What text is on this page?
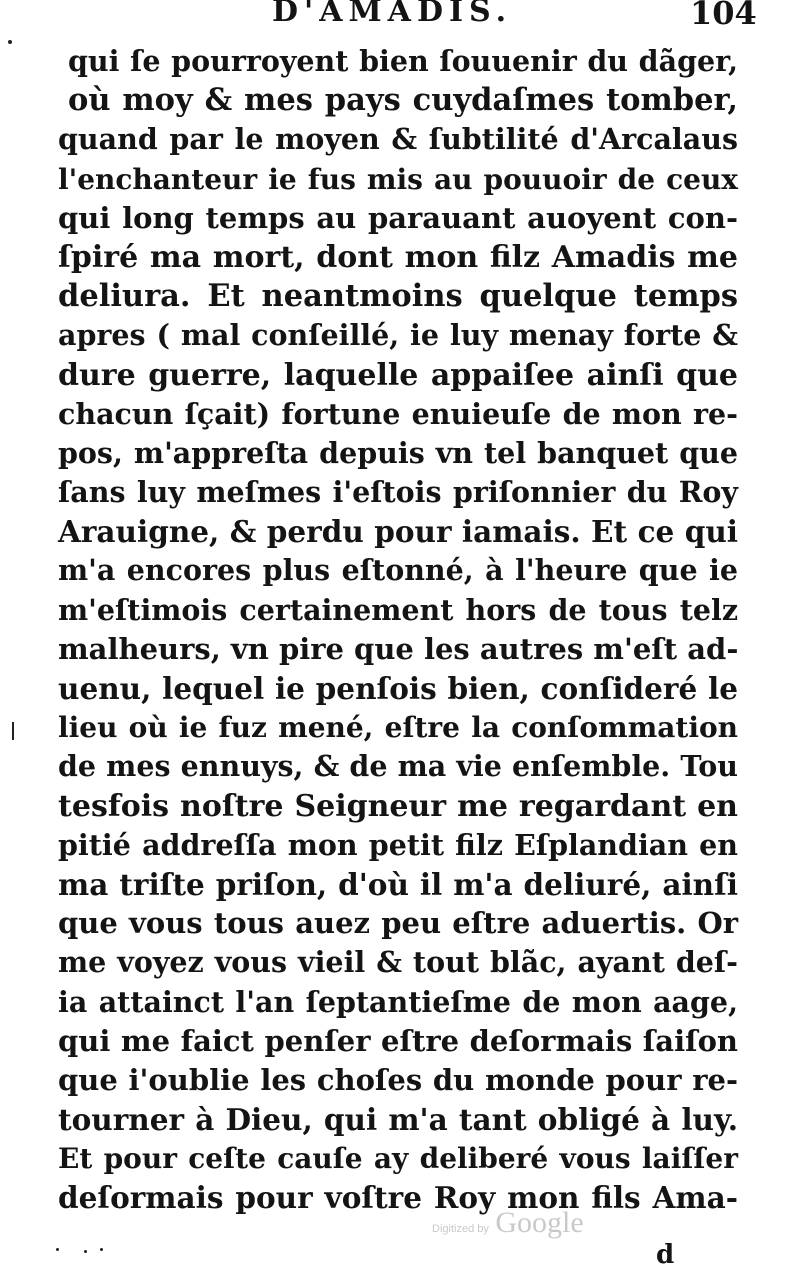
D'AMADIS.	104
qui ſe pourroyent bien ſouuenir du dãger,
où moy & mes pays cuydaſmes tomber,
quand par le moyen & ſubtilité d'Arcalaus
l'enchanteur ie fus mis au pouuoir de ceux
qui long temps au parauant auoyent con-
ſpiré ma mort, dont mon filz Amadis me
deliura. Et neantmoins quelque temps
apres ( mal conſeillé, ie luy menay forte &
dure guerre, laquelle appaiſee ainſi que
chacun ſçait) fortune enuieuſe de mon re-
pos, m'appreſta depuis vn tel banquet que
ſans luy meſmes i'eſtois priſonnier du Roy
Arauigne, & perdu pour iamais. Et ce qui
m'a encores plus eſtonné, à l'heure que ie
m'eſtimois certainement hors de tous telz
malheurs, vn pire que les autres m'eſt ad-
uenu, lequel ie penſois bien, conſideré le
lieu où ie fuz mené, eſtre la conſommation
de mes ennuys, & de ma vie enſemble. Tou
tesfois noſtre Seigneur me regardant en
pitié addreſſa mon petit filz Eſplandian en
ma triſte priſon, d'où il m'a deliuré, ainſi
que vous tous auez peu eſtre aduertis. Or
me voyez vous vieil & tout blãc, ayant deſ-
ia attainct l'an ſeptantieſme de mon aage,
qui me faict penſer eſtre deſormais ſaiſon
que i'oublie les choſes du monde pour re-
tourner à Dieu, qui m'a tant obligé à luy.
Et pour ceſte cauſe ay deliberé vous laiſſer
deſormais pour voſtre Roy mon fils Ama-
Digitized by Google
d
